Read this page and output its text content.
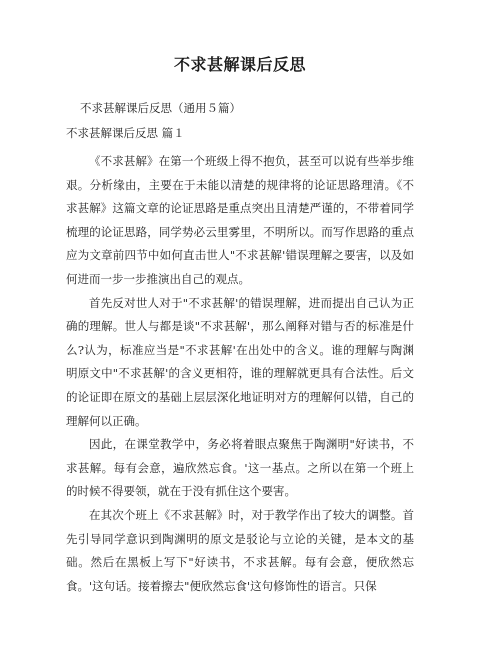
不求甚解课后反思
不求甚解课后反思（通用５篇）
不求甚解课后反思 篇１

《不求甚解》在第一个班级上得不抱负，甚至可以说有些举步维艰。分析缘由，主要在于未能以清楚的规律将的论证思路理清。《不求甚解》这篇文章的论证思路是重点突出且清楚严谨的，不带着同学梳理的论证思路，同学势必云里雾里，不明所以。而写作思路的重点应为文章前四节中如何直击世人"不求甚解'错误理解之要害，以及如何进而一步一步推演出自己的观点。

首先反对世人对于"不求甚解'的错误理解，进而提出自己认为正确的理解。世人与都是谈"不求甚解'，那么阐释对错与否的标准是什么?认为，标准应当是"不求甚解'在出处中的含义。谁的理解与陶渊明原文中"不求甚解'的含义更相符，谁的理解就更具有合法性。后文的论证即在原文的基础上层层深化地证明对方的理解何以错，自己的理解何以正确。

因此，在课堂教学中，务必将着眼点聚焦于陶渊明"好读书，不求甚解。每有会意，遍欣然忘食。'这一基点。之所以在第一个班上的时候不得要领，就在于没有抓住这个要害。

在其次个班上《不求甚解》时，对于教学作出了较大的调整。首先引导同学意识到陶渊明的原文是驳论与立论的关键，是本文的基础。然后在黑板上写下"好读书，不求甚解。每有会意，便欣然忘食。'这句话。接着擦去"便欣然忘食'这句修饰性的语言。只保
